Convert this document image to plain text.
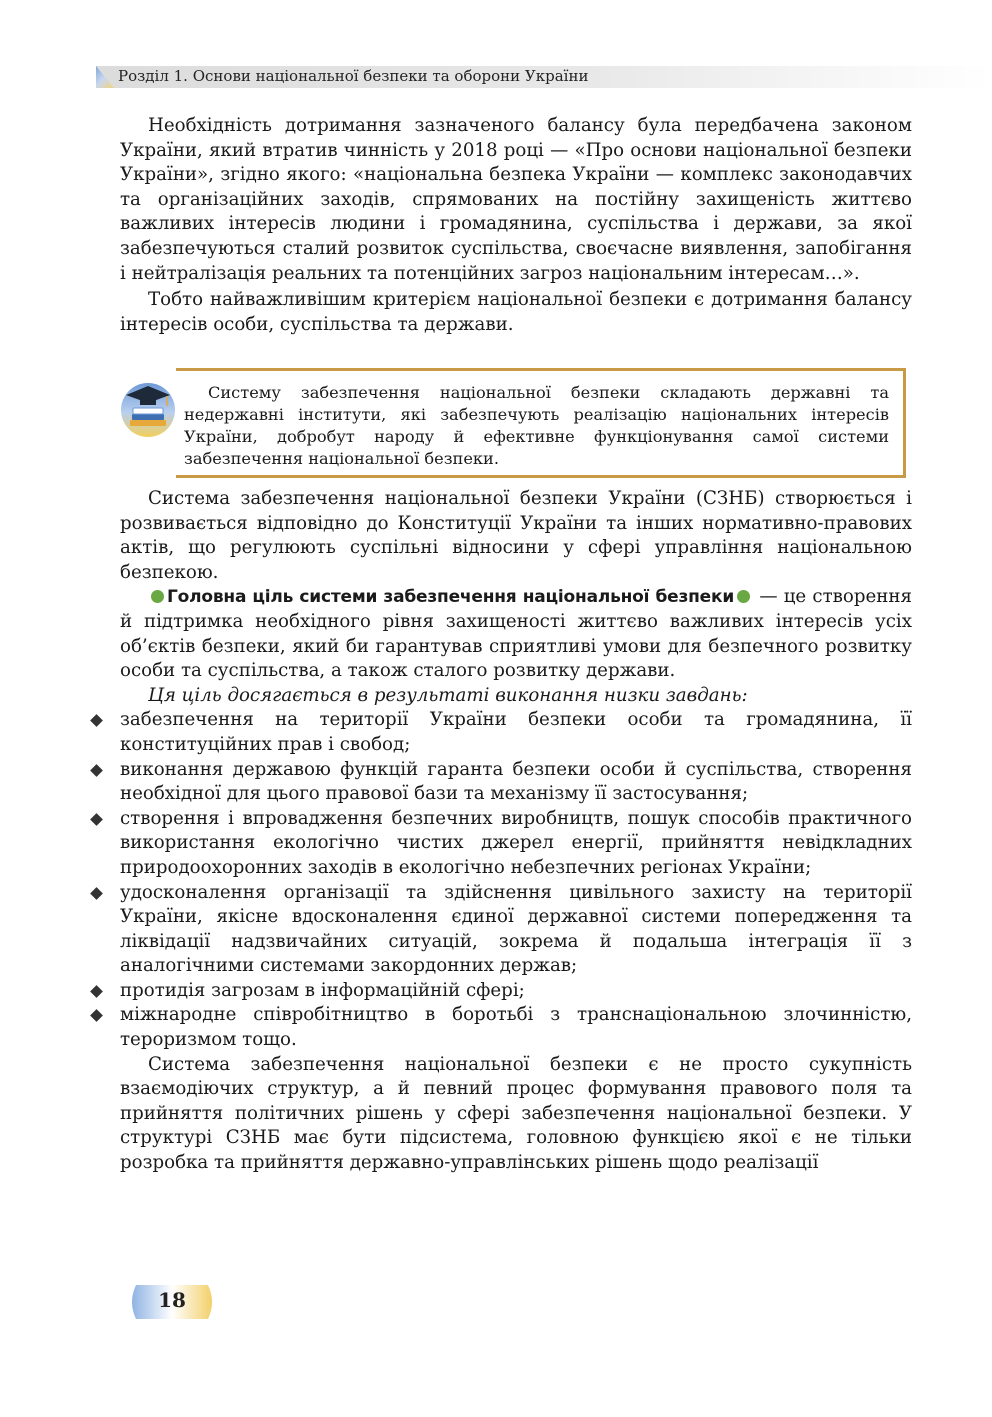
Розділ 1. Основи національної безпеки та оборони України

Необхідність дотримання зазначеного балансу була передбачена законом України, який втратив чинність у 2018 році — «Про основи національної безпеки України», згідно якого: «національна безпека України — комплекс законодавчих та організаційних заходів, спрямованих на постійну захищеність життєво важливих інтересів людини і громадянина, суспільства і держави, за якої забезпечуються сталий розвиток суспільства, своєчасне виявлення, запобігання і нейтралізація реальних та потенційних загроз національним інтересам…».

Тобто найважливішим критерієм національної безпеки є дотримання балансу інтересів особи, суспільства та держави.

Систему забезпечення національної безпеки складають державні та недержавні інститути, які забезпечують реалізацію національних інтересів України, добробут народу й ефективне функціонування самої системи забезпечення національної безпеки.

Система забезпечення національної безпеки України (СЗНБ) створюється і розвивається відповідно до Конституції України та інших нормативно-правових актів, що регулюють суспільні відносини у сфері управління національною безпекою.

Головна ціль системи забезпечення національної безпеки — це створення й підтримка необхідного рівня захищеності життєво важливих інтересів усіх об’єктів безпеки, який би гарантував сприятливі умови для безпечного розвитку особи та суспільства, а також сталого розвитку держави.

Ця ціль досягається в результаті виконання низки завдань:

забезпечення на території України безпеки особи та громадянина, її конституційних прав і свобод;
виконання державою функцій гаранта безпеки особи й суспільства, створення необхідної для цього правової бази та механізму її застосування;
створення і впровадження безпечних виробництв, пошук способів практичного використання екологічно чистих джерел енергії, прийняття невідкладних природоохоронних заходів в екологічно небезпечних регіонах України;
удосконалення організації та здійснення цивільного захисту на території України, якісне вдосконалення єдиної державної системи попередження та ліквідації надзвичайних ситуацій, зокрема й подальша інтеграція її з аналогічними системами закордонних держав;
протидія загрозам в інформаційній сфері;
міжнародне співробітництво в боротьбі з транснаціональною злочинністю, тероризмом тощо.

Система забезпечення національної безпеки є не просто сукупність взаємодіючих структур, а й певний процес формування правового поля та прийняття політичних рішень у сфері забезпечення національної безпеки. У структурі СЗНБ має бути підсистема, головною функцією якої є не тільки розробка та прийняття державно-управлінських рішень щодо реалізації

18
